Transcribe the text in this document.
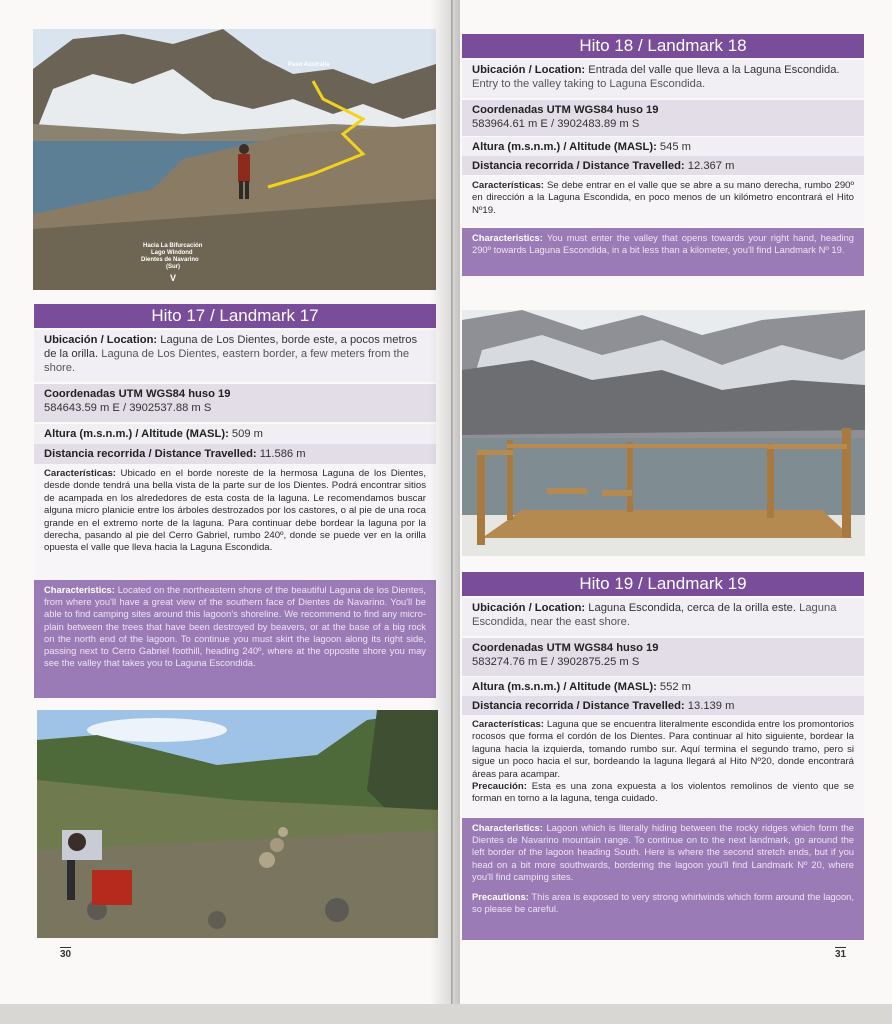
Paso Australia
Hacia La Bifurcación
Lago Windond
Dientes de Navarino
(Sur)
V
Hito 17 / Landmark 17
Ubicación / Location: Laguna de Los Dientes, borde este, a pocos metros de la orilla. Laguna de Los Dientes, eastern border, a few meters from the shore.
Coordenadas UTM WGS84 huso 19
584643.59 m E / 3902537.88 m S
Altura (m.s.n.m.) / Altitude (MASL): 509 m
Distancia recorrida / Distance Travelled: 11.586 m
Características: Ubicado en el borde noreste de la hermosa Laguna de los Dientes, desde donde tendrá una bella vista de la parte sur de los Dientes. Podrá encontrar sitios de acampada en los alrededores de esta costa de la laguna. Le recomendamos buscar alguna micro planicie entre los árboles destrozados por los castores, o al pie de una roca grande en el extremo norte de la laguna. Para continuar debe bordear la laguna por la derecha, pasando al pie del Cerro Gabriel, rumbo 240º, donde se puede ver en la orilla opuesta el valle que lleva hacia la Laguna Escondida.
Characteristics: Located on the northeastern shore of the beautiful Laguna de los Dientes, from where you'll have a great view of the southern face of Dientes de Navarino. You'll be able to find camping sites around this lagoon's shoreline. We recommend to find any micro-plain between the trees that have been destroyed by beavers, or at the base of a big rock on the north end of the lagoon. To continue you must skirt the lagoon along its right side, passing next to Cerro Gabriel foothill, heading 240º, where at the opposite shore you may see the valley that takes you to Laguna Escondida.
30
Hito 18 / Landmark 18
Ubicación / Location: Entrada del valle que lleva a la Laguna Escondida. Entry to the valley taking to Laguna Escondida.
Coordenadas UTM WGS84 huso 19
583964.61 m E / 3902483.89 m S
Altura (m.s.n.m.) / Altitude (MASL): 545 m
Distancia recorrida / Distance Travelled: 12.367 m
Características: Se debe entrar en el valle que se abre a su mano derecha, rumbo 290º en dirección a la Laguna Escondida, en poco menos de un kilómetro encontrará el Hito Nº19.
Characteristics: You must enter the valley that opens towards your right hand, heading 290º towards Laguna Escondida, in a bit less than a kilometer, you'll find Landmark Nº 19.
Hito 19 / Landmark 19
Ubicación / Location: Laguna Escondida, cerca de la orilla este. Laguna Escondida, near the east shore.
Coordenadas UTM WGS84 huso 19
583274.76 m E / 3902875.25 m S
Altura (m.s.n.m.) / Altitude (MASL): 552 m
Distancia recorrida / Distance Travelled: 13.139 m
Características: Laguna que se encuentra literalmente escondida entre los promontorios rocosos que forma el cordón de los Dientes. Para continuar al hito siguiente, bordear la laguna hacia la izquierda, tomando rumbo sur. Aquí termina el segundo tramo, pero si sigue un poco hacia el sur, bordeando la laguna llegará al Hito Nº20, donde encontrará áreas para acampar.
Precaución: Esta es una zona expuesta a los violentos remolinos de viento que se forman en torno a la laguna, tenga cuidado.
Characteristics: Lagoon which is literally hiding between the rocky ridges which form the Dientes de Navarino mountain range. To continue on to the next landmark, go around the left border of the lagoon heading South. Here is where the second stretch ends, but if you head on a bit more southwards, bordering the lagoon you'll find Landmark Nº 20, where you'll find camping sites.
Precautions: This area is exposed to very strong whirlwinds which form around the lagoon, so please be careful.
31
